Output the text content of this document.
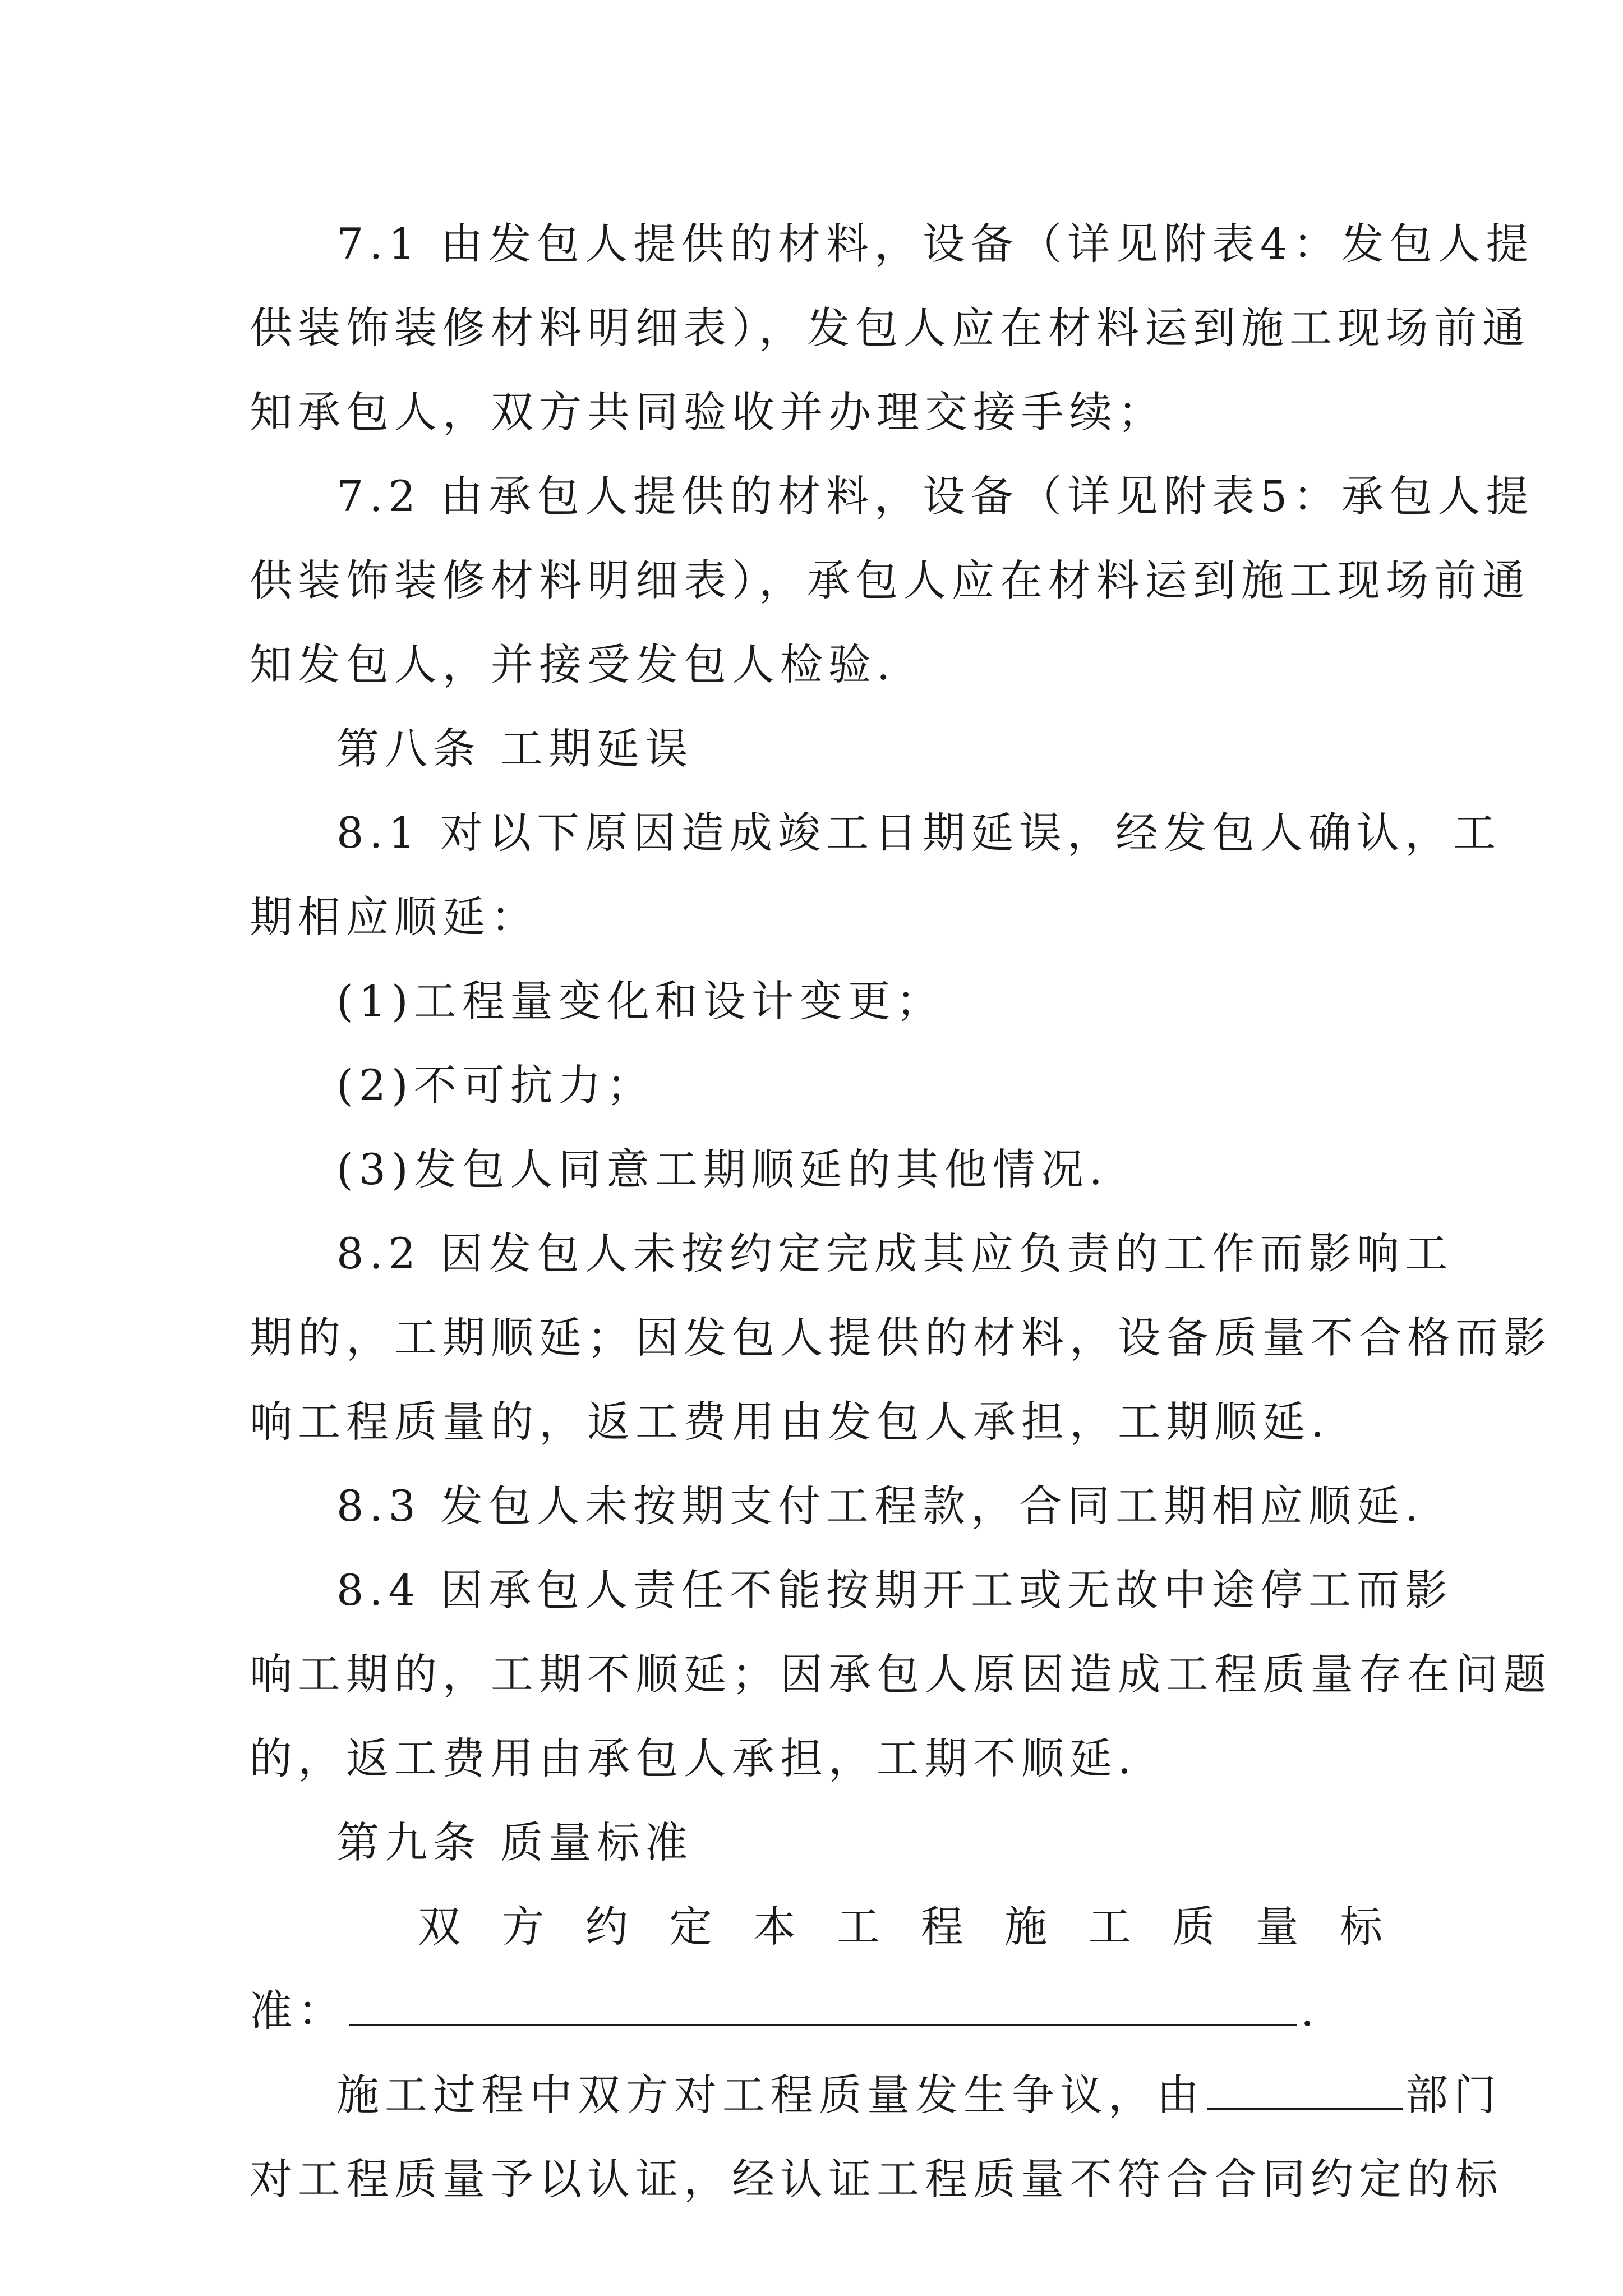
7.1 由发包人提供的材料，设备（详见附表4：发包人提
供装饰装修材料明细表），发包人应在材料运到施工现场前通
知承包人，双方共同验收并办理交接手续；
7.2 由承包人提供的材料，设备（详见附表5：承包人提
供装饰装修材料明细表），承包人应在材料运到施工现场前通
知发包人，并接受发包人检验.
第八条 工期延误
8.1 对以下原因造成竣工日期延误，经发包人确认，工
期相应顺延：
(1)工程量变化和设计变更；
(2)不可抗力；
(3)发包人同意工期顺延的其他情况.
8.2 因发包人未按约定完成其应负责的工作而影响工
期的，工期顺延；因发包人提供的材料，设备质量不合格而影
响工程质量的，返工费用由发包人承担，工期顺延.
8.3 发包人未按期支付工程款，合同工期相应顺延.
8.4 因承包人责任不能按期开工或无故中途停工而影
响工期的，工期不顺延；因承包人原因造成工程质量存在问题
的，返工费用由承包人承担，工期不顺延.
第九条 质量标准
双 方 约 定 本 工 程 施 工 质 量 标
准：	.
施工过程中双方对工程质量发生争议，由	部门
对工程质量予以认证，经认证工程质量不符合合同约定的标
